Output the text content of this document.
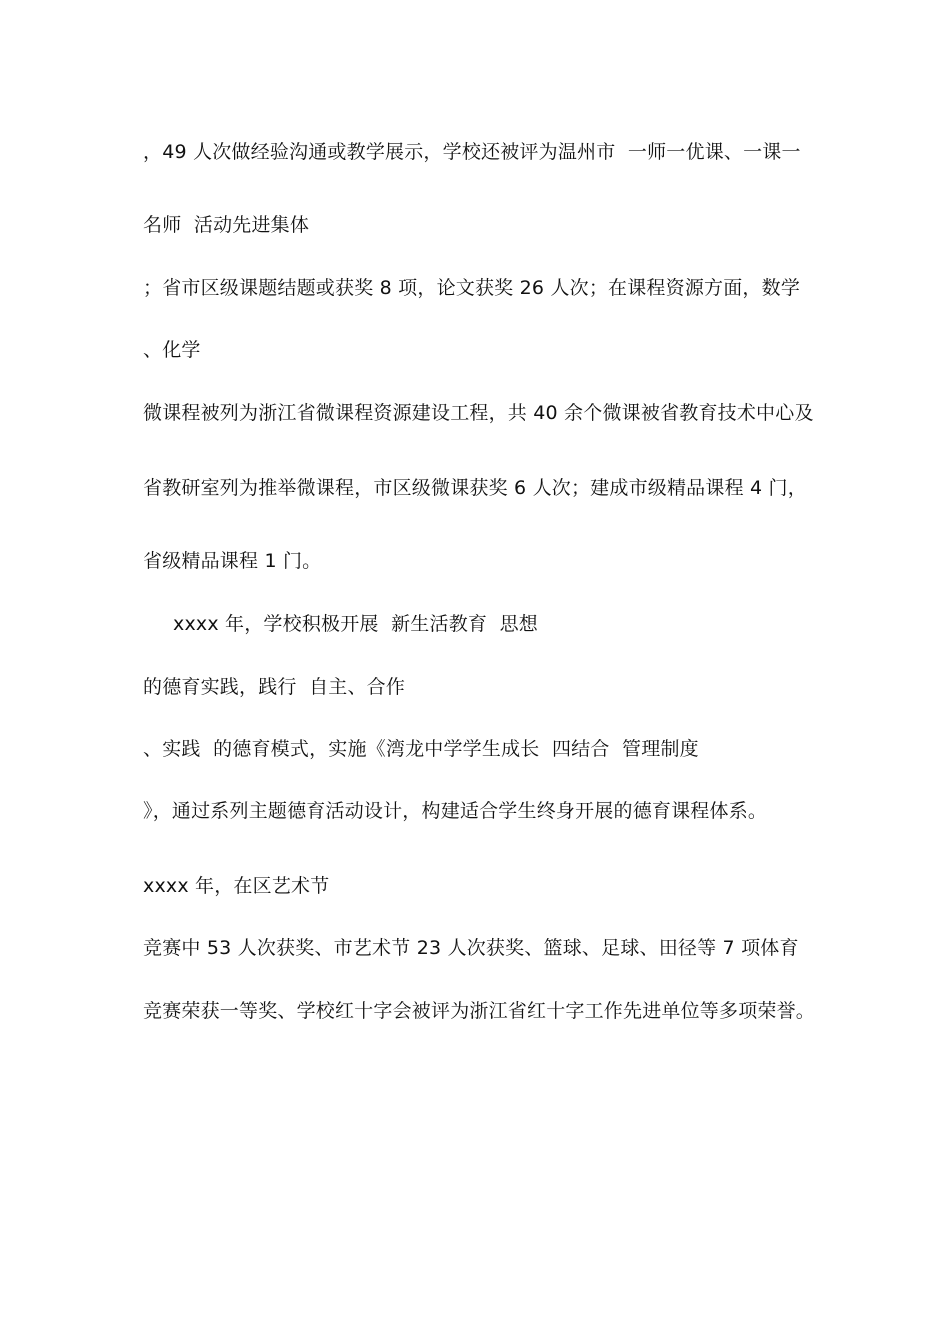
，49 人次做经验沟通或教学展示，学校还被评为温州市  一师一优课、一课一
名师  活动先进集体
；省市区级课题结题或获奖 8 项，论文获奖 26 人次；在课程资源方面，数学
、化学
微课程被列为浙江省微课程资源建设工程，共 40 余个微课被省教育技术中心及
省教研室列为推举微课程，市区级微课获奖 6 人次；建成市级精品课程 4 门，
省级精品课程 1 门。
xxxx 年，学校积极开展  新生活教育  思想
的德育实践，践行  自主、合作
、实践  的德育模式，实施《湾龙中学学生成长  四结合  管理制度
》，通过系列主题德育活动设计，构建适合学生终身开展的德育课程体系。
xxxx 年，在区艺术节
竞赛中 53 人次获奖、市艺术节 23 人次获奖、篮球、足球、田径等 7 项体育
竞赛荣获一等奖、学校红十字会被评为浙江省红十字工作先进单位等多项荣誉。
